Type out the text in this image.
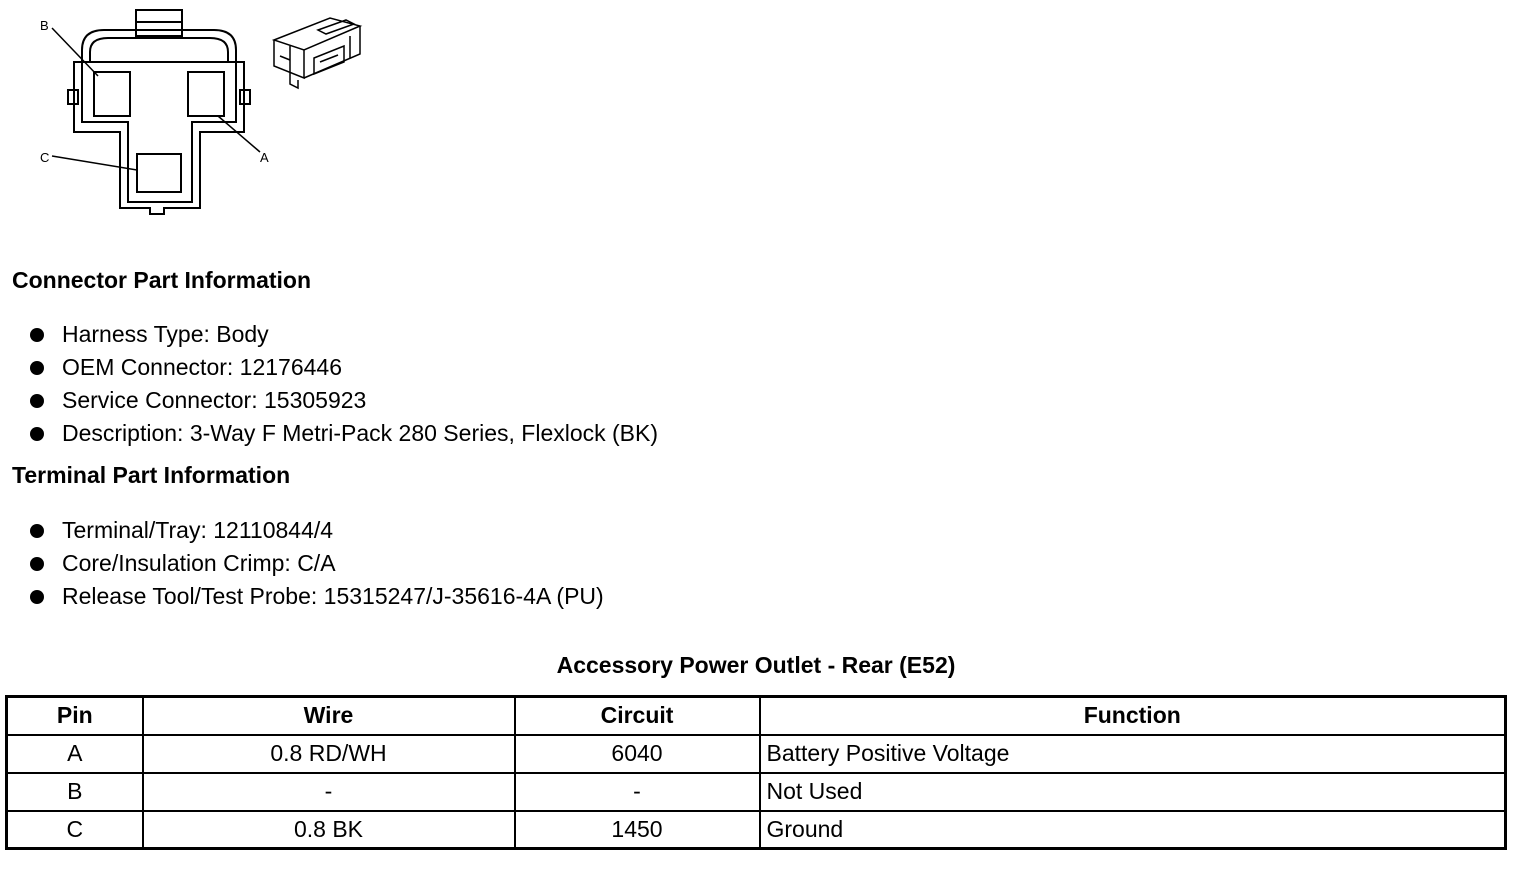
B
C	A
Connector Part Information
Harness Type: Body
OEM Connector: 12176446
Service Connector: 15305923
Description: 3-Way F Metri-Pack 280 Series, Flexlock (BK)
Terminal Part Information
Terminal/Tray: 12110844/4
Core/Insulation Crimp: C/A
Release Tool/Test Probe: 15315247/J-35616-4A (PU)
Accessory Power Outlet - Rear (E52)
Pin	Wire	Circuit	Function
A	0.8 RD/WH	6040	Battery Positive Voltage
B	-	-	Not Used
C	0.8 BK	1450	Ground
